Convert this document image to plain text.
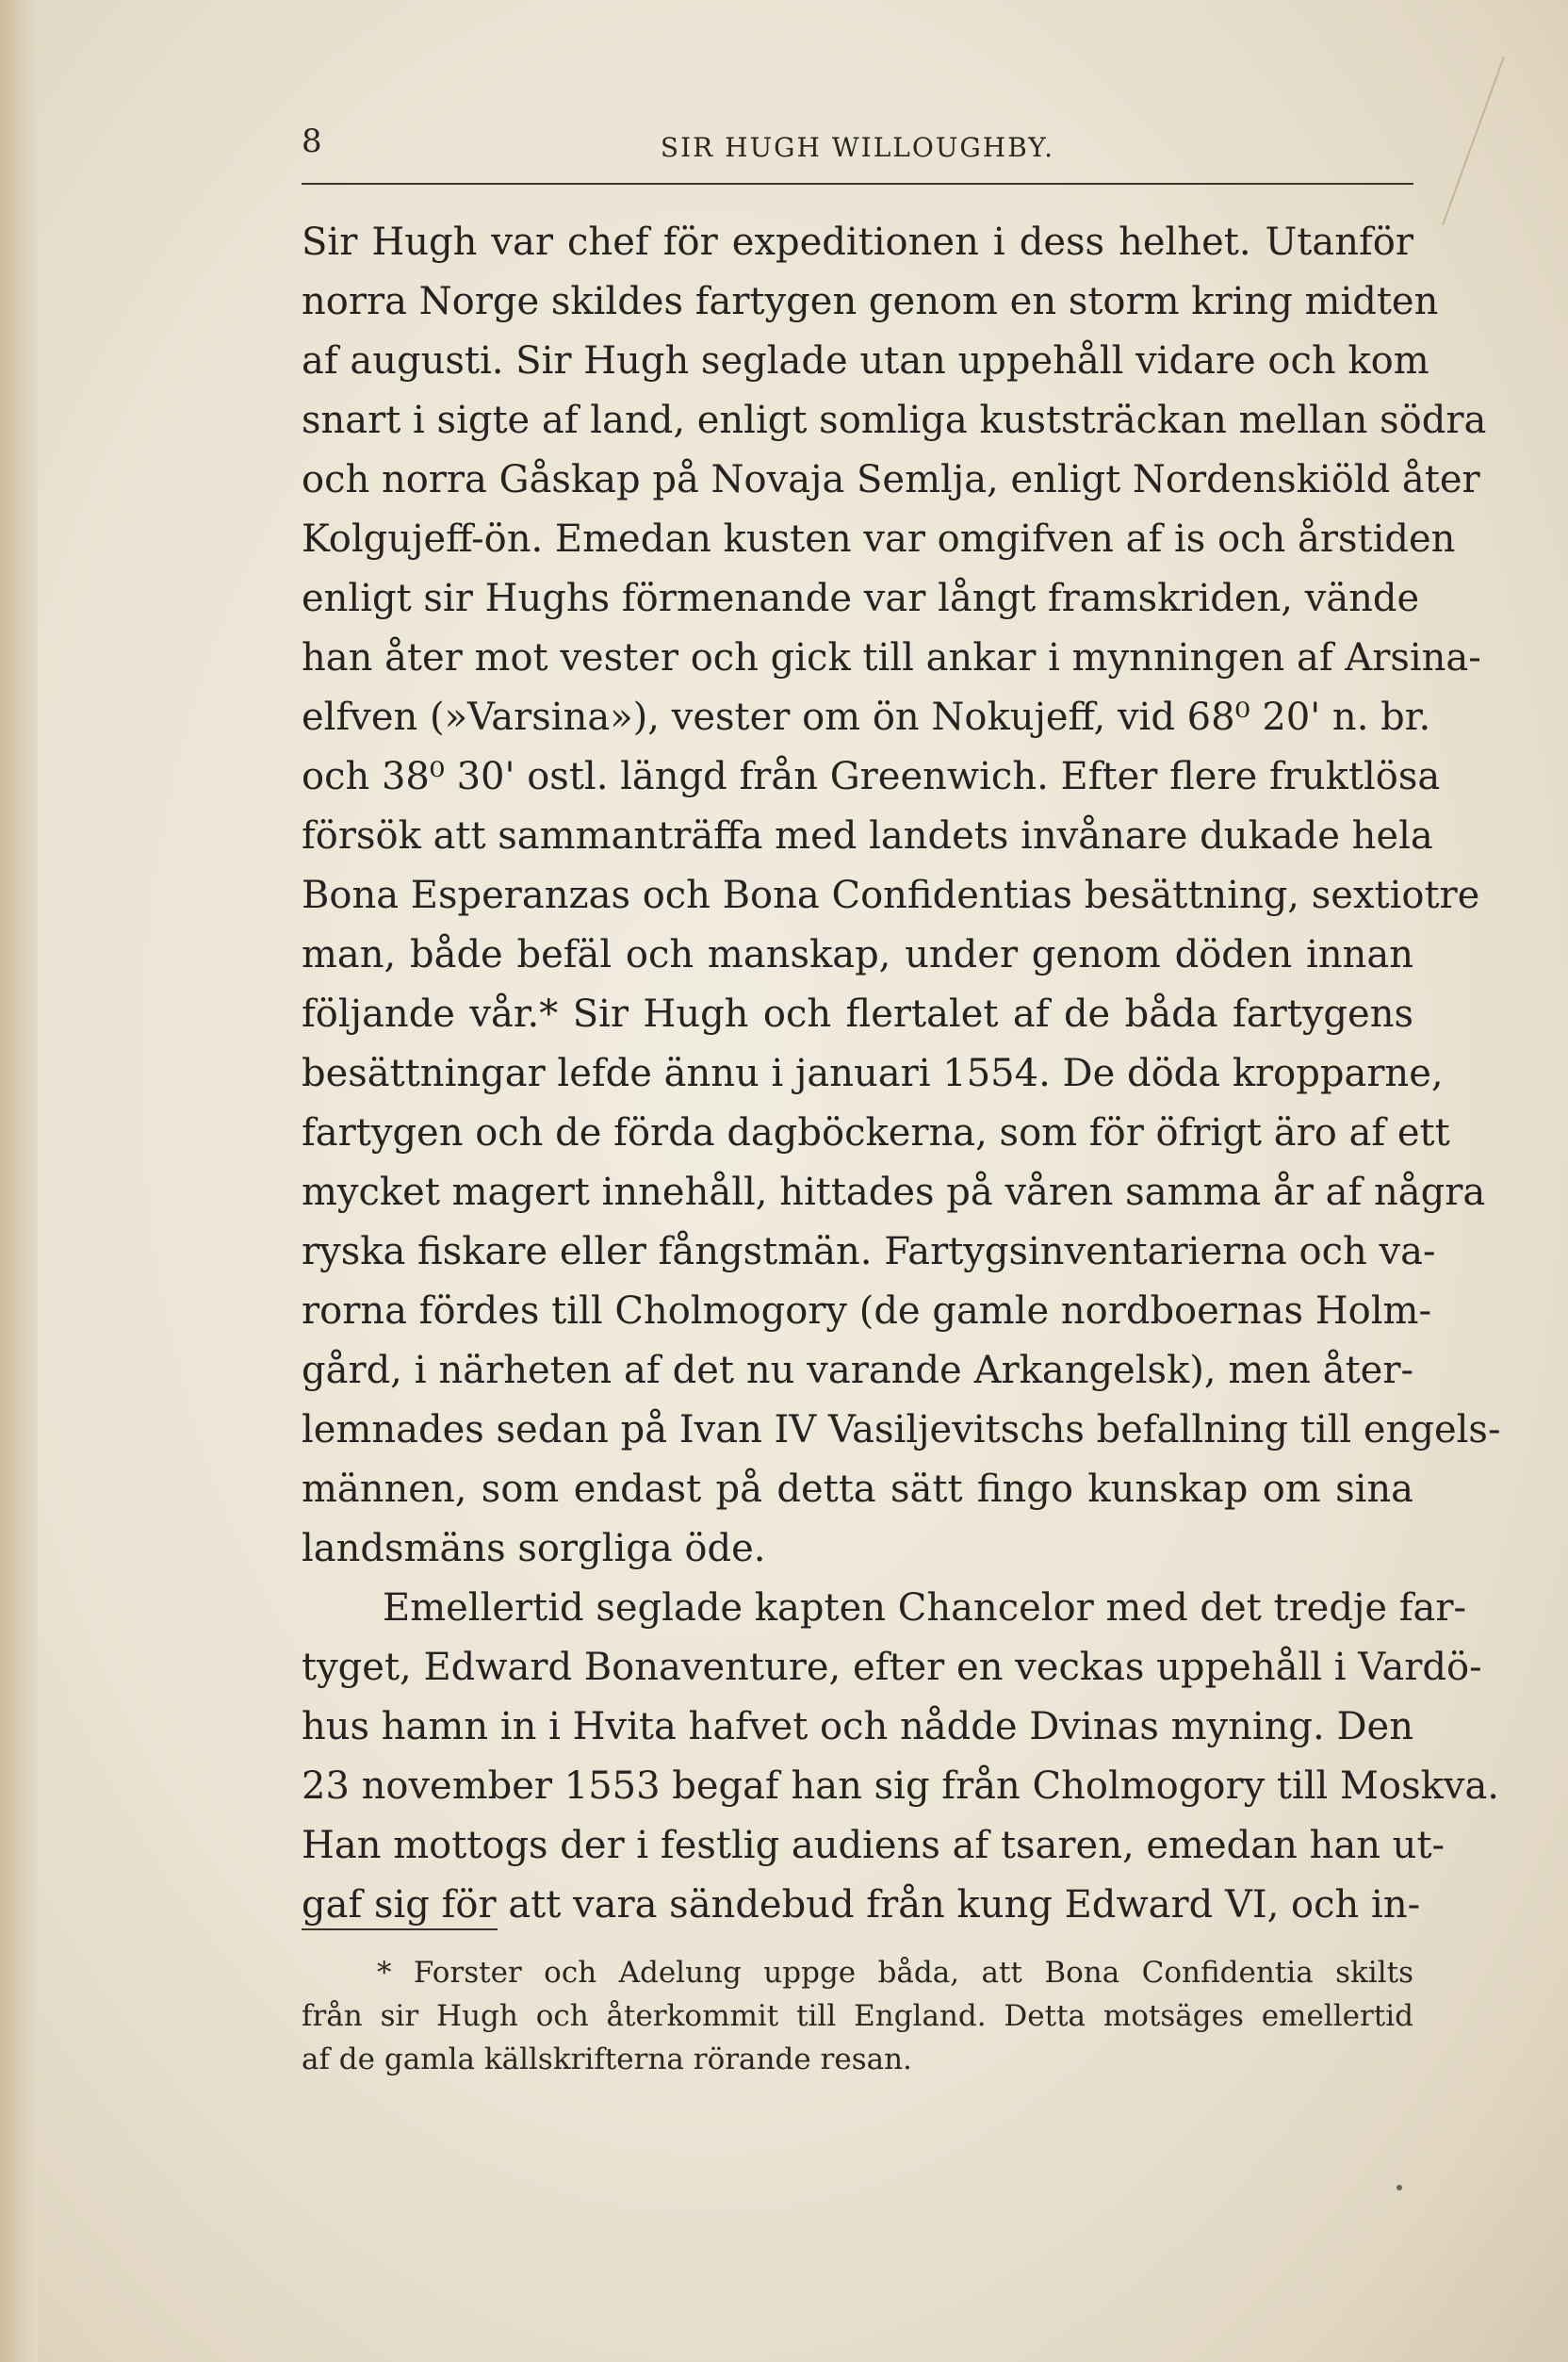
8	SIR HUGH WILLOUGHBY.
Sir Hugh var chef för expeditionen i dess helhet. Utanför
norra Norge skildes fartygen genom en storm kring midten
af augusti. Sir Hugh seglade utan uppehåll vidare och kom
snart i sigte af land, enligt somliga kuststräckan mellan södra
och norra Gåskap på Novaja Semlja, enligt Nordenskiöld åter
Kolgujeff-ön. Emedan kusten var omgifven af is och årstiden
enligt sir Hughs förmenande var långt framskriden, vände
han åter mot vester och gick till ankar i mynningen af Arsina-
elfven (»Varsina»), vester om ön Nokujeff, vid 68⁰ 20' n. br.
och 38⁰ 30' ostl. längd från Greenwich. Efter flere fruktlösa
försök att sammanträffa med landets invånare dukade hela
Bona Esperanzas och Bona Confidentias besättning, sextiotre
man, både befäl och manskap, under genom döden innan
följande vår.* Sir Hugh och flertalet af de båda fartygens
besättningar lefde ännu i januari 1554. De döda kropparne,
fartygen och de förda dagböckerna, som för öfrigt äro af ett
mycket magert innehåll, hittades på våren samma år af några
ryska fiskare eller fångstmän. Fartygsinventarierna och va-
rorna fördes till Cholmogory (de gamle nordboernas Holm-
gård, i närheten af det nu varande Arkangelsk), men åter-
lemnades sedan på Ivan IV Vasiljevitschs befallning till engels-
männen, som endast på detta sätt fingo kunskap om sina
landsmäns sorgliga öde.
Emellertid seglade kapten Chancelor med det tredje far-
tyget, Edward Bonaventure, efter en veckas uppehåll i Vardö-
hus hamn in i Hvita hafvet och nådde Dvinas myning. Den
23 november 1553 begaf han sig från Cholmogory till Moskva.
Han mottogs der i festlig audiens af tsaren, emedan han ut-
gaf sig för att vara sändebud från kung Edward VI, och in-
* Forster och Adelung uppge båda, att Bona Confidentia skilts
från sir Hugh och återkommit till England. Detta motsäges emellertid
af de gamla källskrifterna rörande resan.
